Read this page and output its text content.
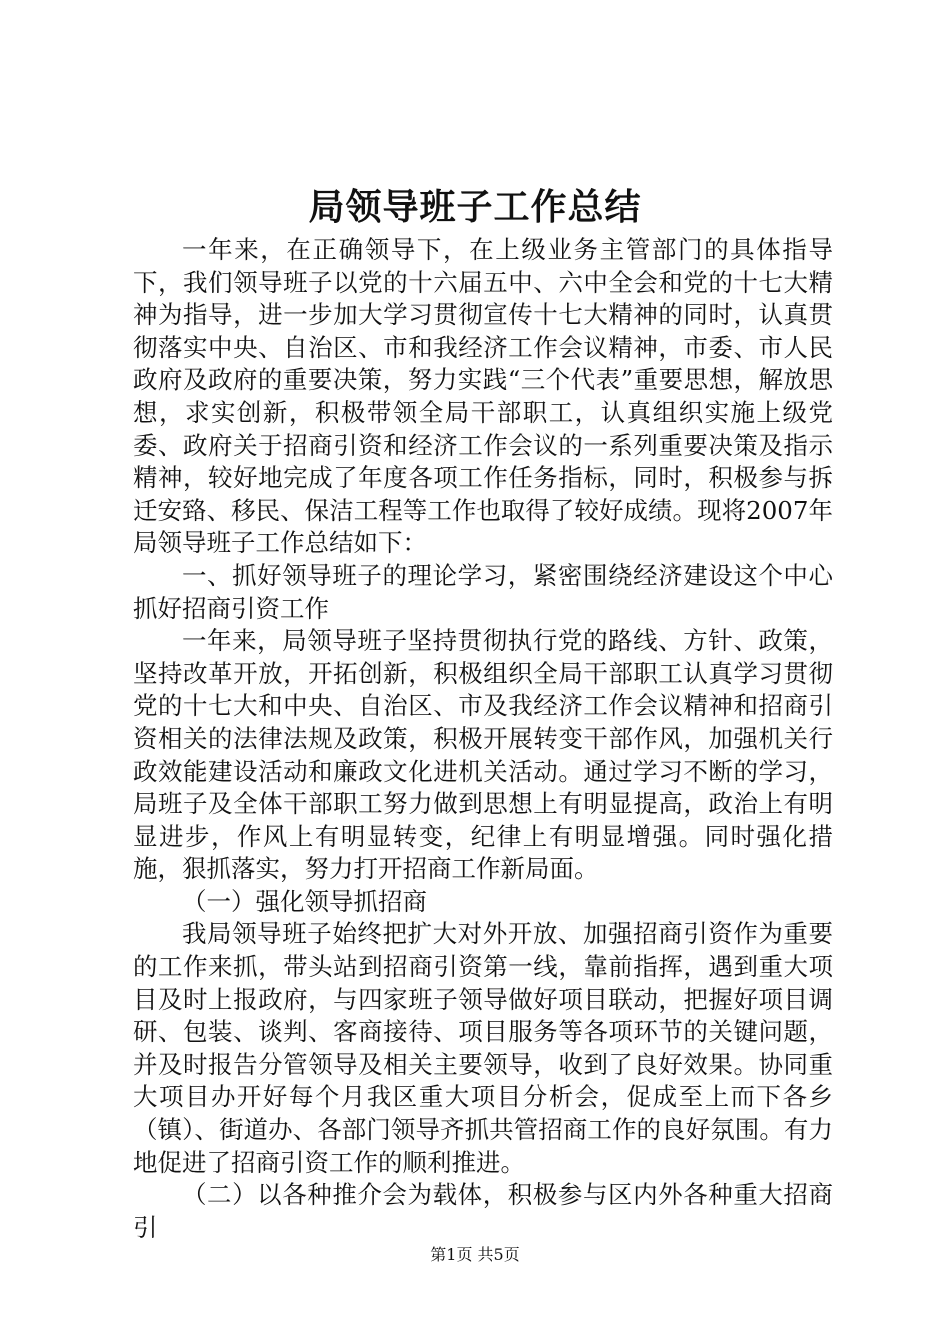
局领导班子工作总结

一年来，在正确领导下，在上级业务主管部门的具体指导下，我们领导班子以党的十六届五中、六中全会和党的十七大精神为指导，进一步加大学习贯彻宣传十七大精神的同时，认真贯彻落实中央、自治区、市和我经济工作会议精神，市委、市人民政府及政府的重要决策，努力实践“三个代表”重要思想，解放思想，求实创新，积极带领全局干部职工，认真组织实施上级党委、政府关于招商引资和经济工作会议的一系列重要决策及指示精神，较好地完成了年度各项工作任务指标，同时，积极参与拆迁安臵、移民、保洁工程等工作也取得了较好成绩。现将2007年局领导班子工作总结如下：

一、抓好领导班子的理论学习，紧密围绕经济建设这个中心抓好招商引资工作

一年来，局领导班子坚持贯彻执行党的路线、方针、政策，坚持改革开放，开拓创新，积极组织全局干部职工认真学习贯彻党的十七大和中央、自治区、市及我经济工作会议精神和招商引资相关的法律法规及政策，积极开展转变干部作风，加强机关行政效能建设活动和廉政文化进机关活动。通过学习不断的学习，局班子及全体干部职工努力做到思想上有明显提高，政治上有明显进步，作风上有明显转变，纪律上有明显增强。同时强化措施，狠抓落实，努力打开招商工作新局面。

（一）强化领导抓招商

我局领导班子始终把扩大对外开放、加强招商引资作为重要的工作来抓，带头站到招商引资第一线，靠前指挥，遇到重大项目及时上报政府，与四家班子领导做好项目联动，把握好项目调研、包装、谈判、客商接待、项目服务等各项环节的关键问题，并及时报告分管领导及相关主要领导，收到了良好效果。协同重大项目办开好每个月我区重大项目分析会，促成至上而下各乡（镇）、街道办、各部门领导齐抓共管招商工作的良好氛围。有力地促进了招商引资工作的顺利推进。

（二）以各种推介会为载体，积极参与区内外各种重大招商引

第1页 共5页
